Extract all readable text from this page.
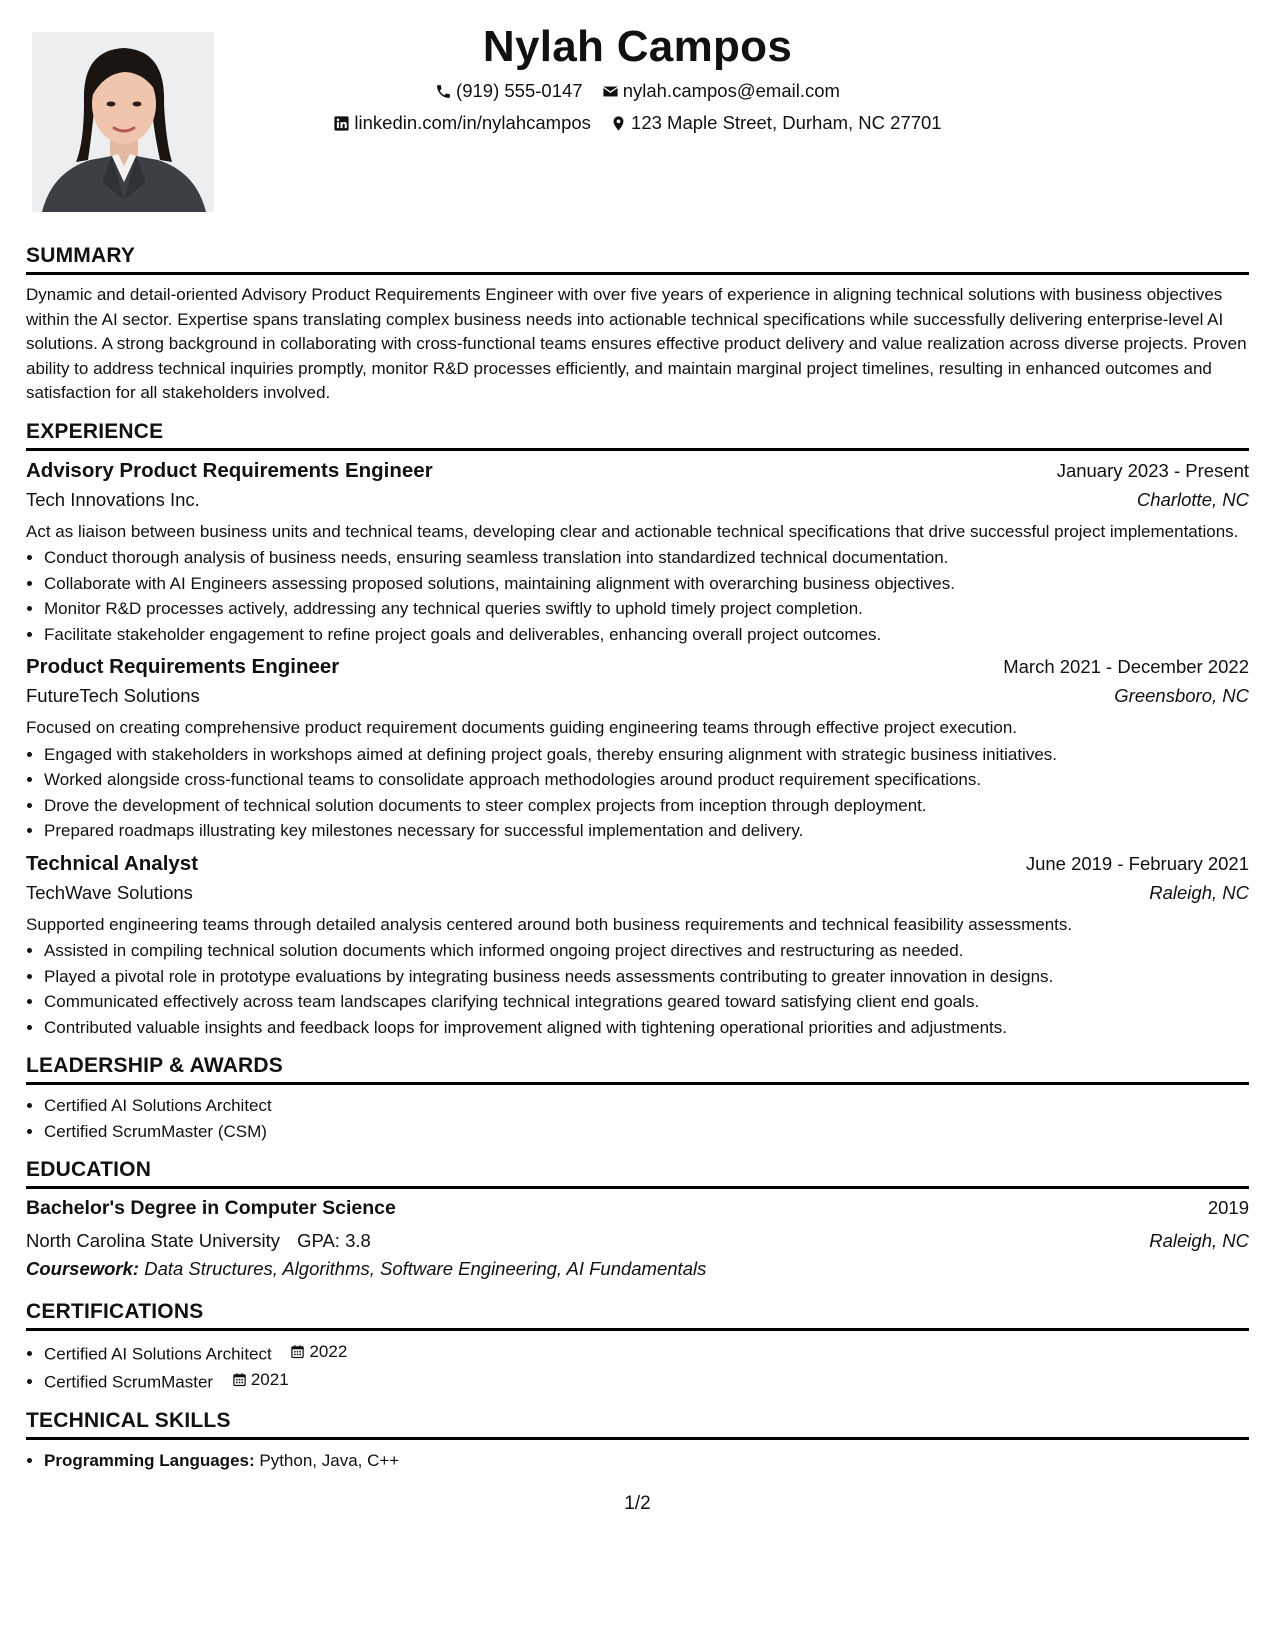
Nylah Campos
(919) 555-0147
nylah.campos@email.com
linkedin.com/in/nylahcampos
123 Maple Street, Durham, NC 27701
SUMMARY

Dynamic and detail-oriented Advisory Product Requirements Engineer with over five years of experience in aligning technical solutions with business objectives within the AI sector. Expertise spans translating complex business needs into actionable technical specifications while successfully delivering enterprise-level AI solutions. A strong background in collaborating with cross-functional teams ensures effective product delivery and value realization across diverse projects. Proven ability to address technical inquiries promptly, monitor R&D processes efficiently, and maintain marginal project timelines, resulting in enhanced outcomes and satisfaction for all stakeholders involved.

EXPERIENCE
Advisory Product Requirements Engineer	January 2023 - Present
Tech Innovations Inc.	Charlotte, NC

Act as liaison between business units and technical teams, developing clear and actionable technical specifications that drive successful project implementations.

• Conduct thorough analysis of business needs, ensuring seamless translation into standardized technical documentation.
• Collaborate with AI Engineers assessing proposed solutions, maintaining alignment with overarching business objectives.
• Monitor R&D processes actively, addressing any technical queries swiftly to uphold timely project completion.
• Facilitate stakeholder engagement to refine project goals and deliverables, enhancing overall project outcomes.
Product Requirements Engineer	March 2021 - December 2022
FutureTech Solutions	Greensboro, NC

Focused on creating comprehensive product requirement documents guiding engineering teams through effective project execution.

• Engaged with stakeholders in workshops aimed at defining project goals, thereby ensuring alignment with strategic business initiatives.
• Worked alongside cross-functional teams to consolidate approach methodologies around product requirement specifications.
• Drove the development of technical solution documents to steer complex projects from inception through deployment.
• Prepared roadmaps illustrating key milestones necessary for successful implementation and delivery.
Technical Analyst	June 2019 - February 2021
TechWave Solutions	Raleigh, NC

Supported engineering teams through detailed analysis centered around both business requirements and technical feasibility assessments.

• Assisted in compiling technical solution documents which informed ongoing project directives and restructuring as needed.
• Played a pivotal role in prototype evaluations by integrating business needs assessments contributing to greater innovation in designs.
• Communicated effectively across team landscapes clarifying technical integrations geared toward satisfying client end goals.
• Contributed valuable insights and feedback loops for improvement aligned with tightening operational priorities and adjustments.
LEADERSHIP & AWARDS
• Certified AI Solutions Architect
• Certified ScrumMaster (CSM)
EDUCATION
Bachelor's Degree in Computer Science	2019
North Carolina State University GPA: 3.8	Raleigh, NC
Coursework: Data Structures, Algorithms, Software Engineering, AI Fundamentals
CERTIFICATIONS
• Certified AI Solutions Architect 2022
• Certified ScrumMaster 2021
TECHNICAL SKILLS
• Programming Languages: Python, Java, C++
1/2
